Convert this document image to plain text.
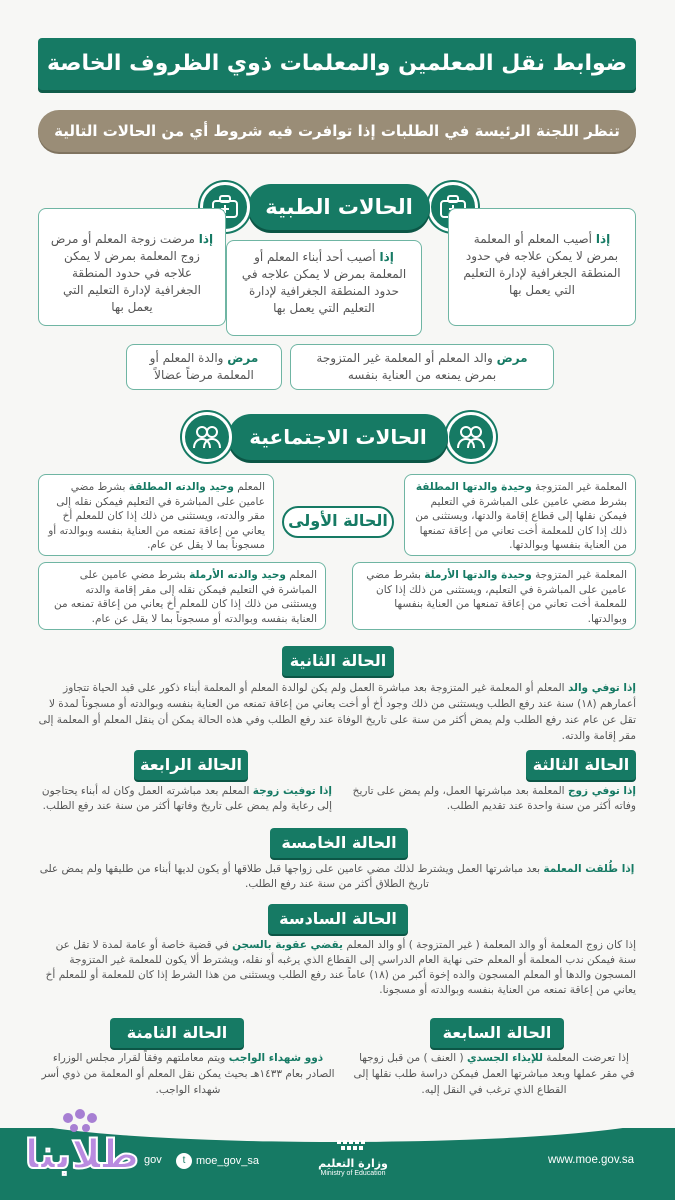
ضوابط نقل المعلمين والمعلمات ذوي الظروف الخاصة
تنظر اللجنة الرئيسة في الطلبات إذا توافرت فيه شروط أي من الحالات التالية
الحالات الطبية
إذا أصيب المعلم أو المعلمة بمرض لا يمكن علاجه في حدود المنطقة الجغرافية لإدارة التعليم التي يعمل بها
إذا أصيب أحد أبناء المعلم أو المعلمة بمرض لا يمكن علاجه في حدود المنطقة الجغرافية لإدارة التعليم التي يعمل بها
إذا مرضت زوجة المعلم أو مرض زوج المعلمة بمرض لا يمكن علاجه في حدود المنطقة الجغرافية لإدارة التعليم التي يعمل بها
مرض والد المعلم أو المعلمة غير المتزوجة بمرض يمنعه من العناية بنفسه
مرض والدة المعلم أو المعلمة مرضاً عضالاً
الحالات الاجتماعية
المعلمة غير المتزوجة وحيدة والدتها المطلقة بشرط مضي عامين على المباشرة في التعليم فيمكن نقلها إلى قطاع إقامة والدتها، ويستثنى من ذلك إذا كان للمعلمة أخت تعاني من إعاقة تمنعها من العناية بنفسها وبوالدتها.
المعلم وحيد والدته المطلقة بشرط مضي عامين على المباشرة في التعليم فيمكن نقله إلى مقر والدته، ويستثنى من ذلك إذا كان للمعلم أخ يعاني من إعاقة تمنعه من العناية بنفسه وبوالدته أو مسجوناً بما لا يقل عن عام.
الحالة الأولى
المعلمة غير المتزوجة وحيدة والدتها الأرملة بشرط مضي عامين على المباشرة في التعليم، ويستثنى من ذلك إذا كان للمعلمة أخت تعاني من إعاقة تمنعها من العناية بنفسها وبوالدتها.
المعلم وحيد والدته الأرملة بشرط مضي عامين على المباشرة في التعليم فيمكن نقله إلى مقر إقامة والدته ويستثنى من ذلك إذا كان للمعلم أخ يعاني من إعاقة تمنعه من العناية بنفسه وبوالدته أو مسجوناً بما لا يقل عن عام.
الحالة الثانية
إذا توفي والد المعلم أو المعلمة غير المتزوجة بعد مباشرة العمل ولم يكن لوالدة المعلم أو المعلمة أبناء ذكور على قيد الحياة تتجاوز أعمارهم (١٨) سنة عند رفع الطلب ويستثنى من ذلك وجود أخ أو أخت يعاني من إعاقة تمنعه من العناية بنفسه وبوالدته أو مسجوناً لمدة لا تقل عن عام عند رفع الطلب ولم يمض أكثر من سنة على تاريخ الوفاة عند رفع الطلب وفي هذه الحالة يمكن أن ينقل المعلم أو المعلمة إلى مقر إقامة والدته.
الحالة الثالثة
إذا توفي زوج المعلمة بعد مباشرتها العمل، ولم يمض على تاريخ وفاته أكثر من سنة واحدة عند تقديم الطلب.
الحالة الرابعة
إذا توفيت زوجة المعلم بعد مباشرته العمل وكان له أبناء يحتاجون إلى رعاية ولم يمض على تاريخ وفاتها أكثر من سنة عند رفع الطلب.
الحالة الخامسة
إذا طُلقت المعلمة بعد مباشرتها العمل ويشترط لذلك مضي عامين على زواجها قبل طلاقها أو يكون لديها أبناء من طليقها ولم يمض على تاريخ الطلاق أكثر من سنة عند رفع الطلب.
الحالة السادسة
إذا كان زوج المعلمة أو والد المعلمة ( غير المتزوجة ) أو والد المعلم يقضي عقوبة بالسجن في قضية خاصة أو عامة لمدة لا تقل عن سنة فيمكن ندب المعلمة أو المعلم حتى نهاية العام الدراسي إلى القطاع الذي يرغبه أو نقله، ويشترط ألا يكون للمعلمة غير المتزوجة المسجون والدها أو المعلم المسجون والده إخوة أكبر من (١٨) عاماً عند رفع الطلب ويستثنى من هذا الشرط إذا كان للمعلمة أو للمعلم أخ يعاني من إعاقة تمنعه من العناية بنفسه وبوالدته أو مسجونا.
الحالة السابعة
إذا تعرضت المعلمة للإيذاء الجسدي ( العنف ) من قبل زوجها في مقر عملها وبعد مباشرتها العمل فيمكن دراسة طلب نقلها إلى القطاع الذي ترغب في النقل إليه.
الحالة الثامنة
ذوو شهداء الواجب ويتم معاملتهم وفقاً لقرار مجلس الوزراء الصادر بعام ١٤٣٣هـ بحيث يمكن نقل المعلم أو المعلمة من ذوي أسر شهداء الواجب.
www.moe.gov.sa
وزارة التعليم
Ministry of Education
t moe_gov_sa
gov
طلابنا
